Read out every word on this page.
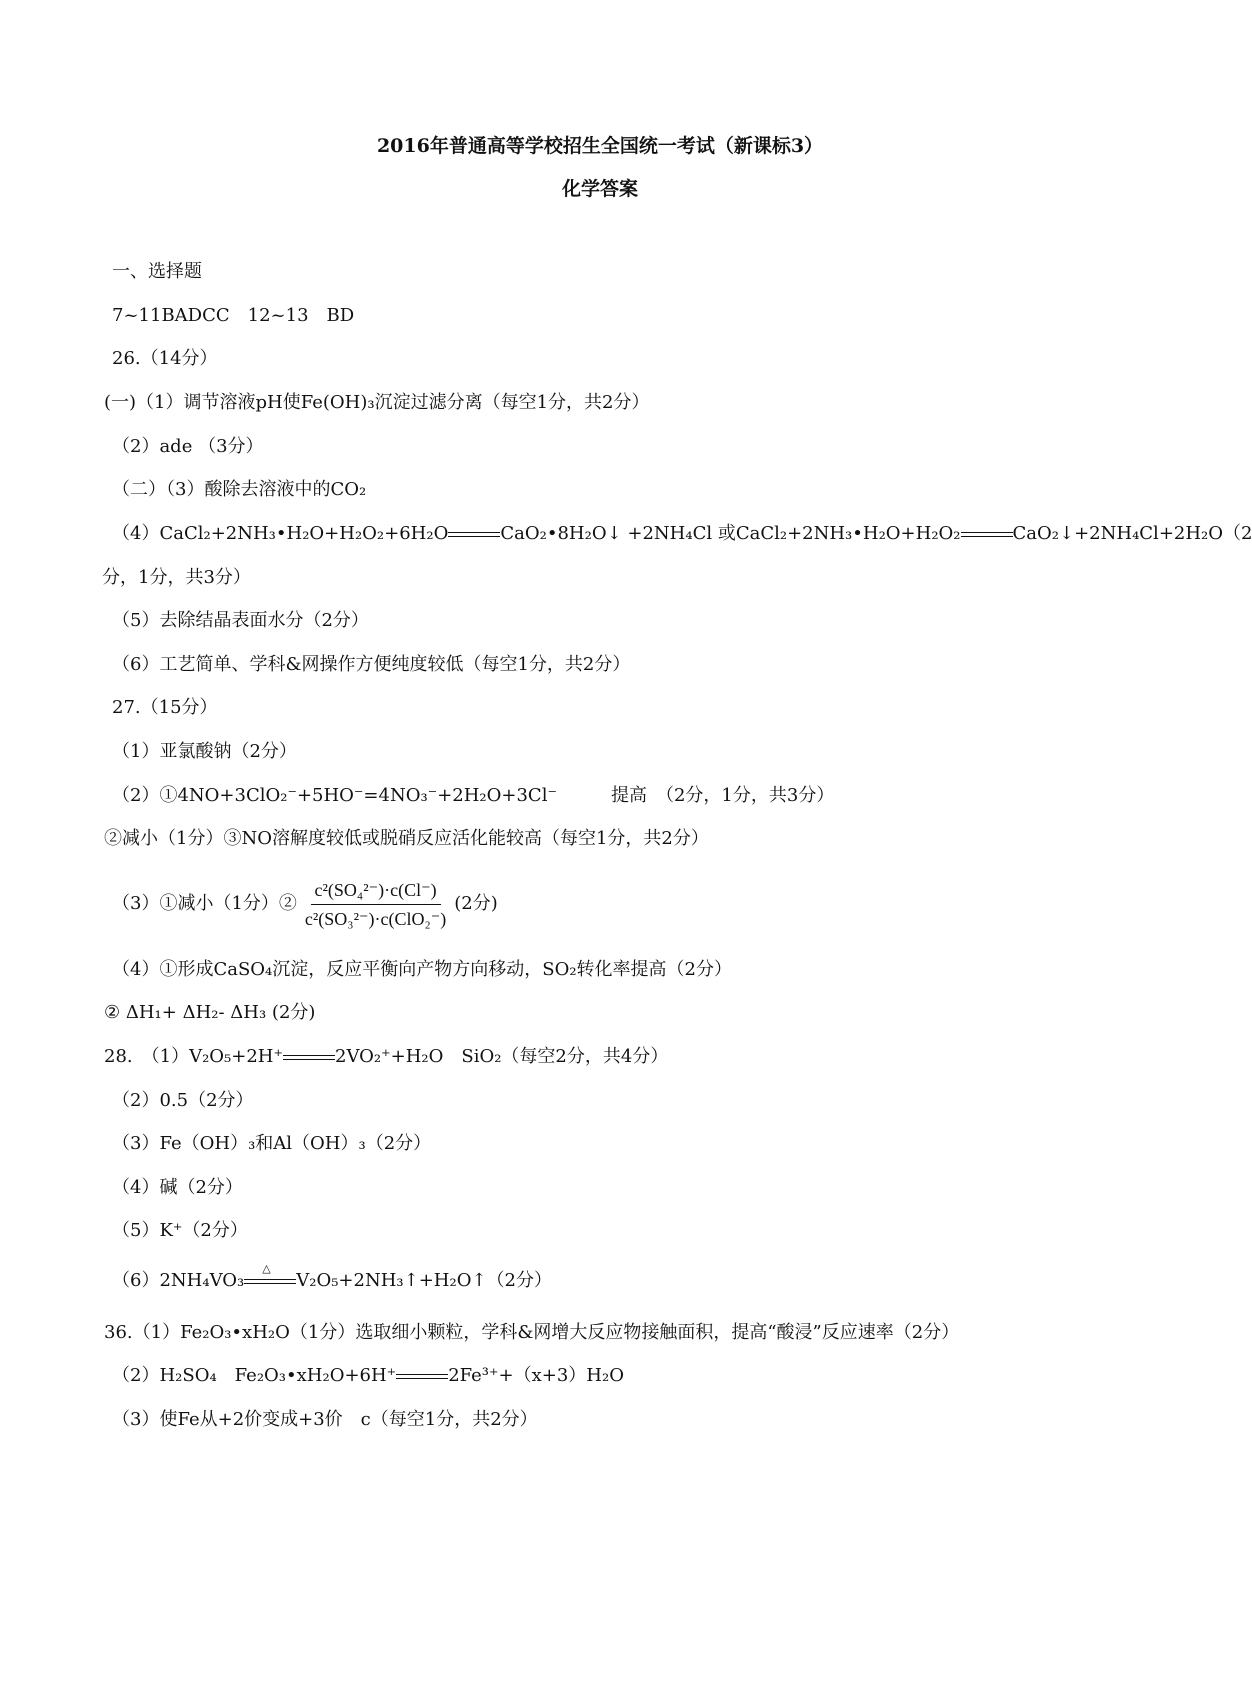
2016年普通高等学校招生全国统一考试（新课标3）
化学答案
一、选择题
7~11BADCC　12~13　BD
26.（14分）
(一)（1）调节溶液pH使Fe(OH)₃沉淀过滤分离（每空1分，共2分）
（2）ade （3分）
（二）（3）酸除去溶液中的CO₂
（4）CaCl₂+2NH₃•H₂O+H₂O₂+6H₂O	CaO₂•8H₂O↓ +2NH₄Cl 或CaCl₂+2NH₃•H₂O+H₂O₂	CaO₂↓+2NH₄Cl+2H₂O（2
分，1分，共3分）
（5）去除结晶表面水分（2分）
（6）工艺简单、学科&网操作方便纯度较低（每空1分，共2分）
27.（15分）
（1）亚氯酸钠（2分）
（2）①4NO+3ClO₂⁻+5HO⁻=4NO₃⁻+2H₂O+3Cl⁻　　　提高　（2分，1分，共3分）
②减小（1分）③NO溶解度较低或脱硝反应活化能较高（每空1分，共2分）
（3）①减小（1分）② $\frac{\text{c²(SO₄²⁻)·c(Cl⁻)}}{\text{c²(SO₃²⁻)·c(ClO₂⁻)}} (2$分)
（4）①形成CaSO₄沉淀，反应平衡向产物方向移动，SO₂转化率提高（2分）
② ΔH₁+ ΔH₂- ΔH₃ (2分)
28.　（1）V₂O₅+2H⁺	2VO₂⁺+H₂O　SiO₂（每空2分，共4分）
（2）0.5（2分）
（3）Fe（OH）₃和Al（OH）₃（2分）
（4）碱（2分）
（5）K⁺（2分）
（6）2NH₄VO₃
△
V₂O₅+2NH₃↑+H₂O↑（2分）
36.（1）Fe₂O₃•xH₂O（1分）选取细小颗粒，学科&网增大反应物接触面积，提高“酸浸”反应速率（2分）
（2）H₂SO₄　Fe₂O₃•xH₂O+6H⁺	2Fe³⁺+（x+3）H₂O
（3）使Fe从+2价变成+3价　c（每空1分，共2分）
